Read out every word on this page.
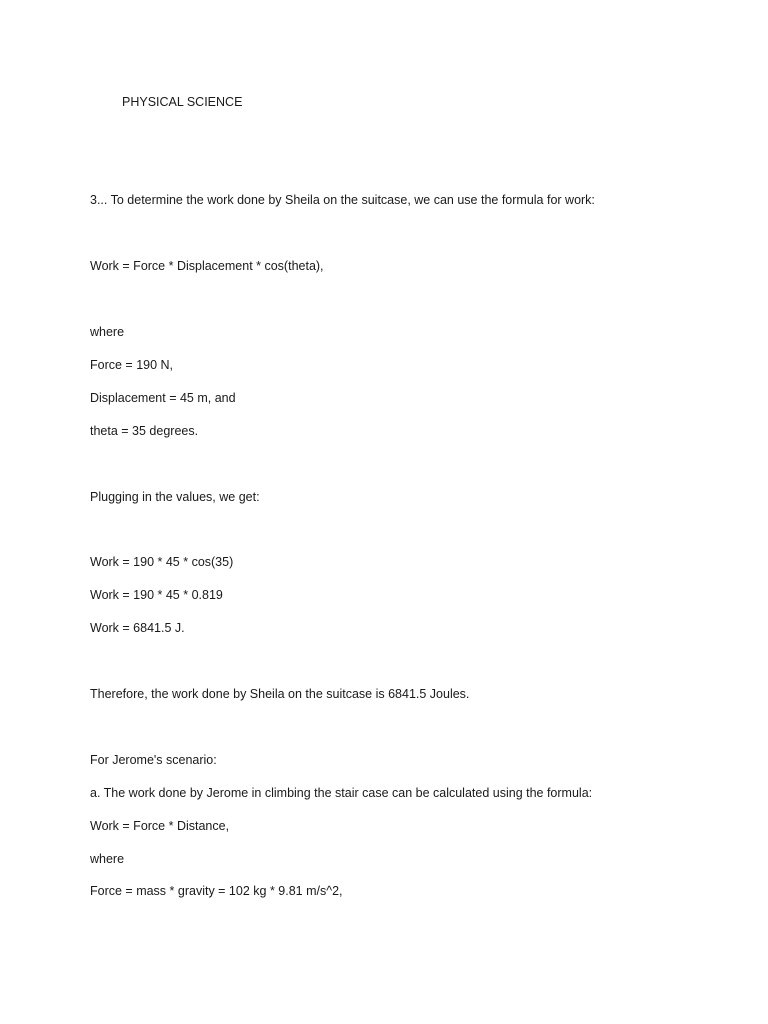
PHYSICAL SCIENCE
3... To determine the work done by Sheila on the suitcase, we can use the formula for work:
Work = Force * Displacement * cos(theta),
where
Force = 190 N,
Displacement = 45 m, and
theta = 35 degrees.
Plugging in the values, we get:
Work = 190 * 45 * cos(35)
Work = 190 * 45 * 0.819
Work = 6841.5 J.
Therefore, the work done by Sheila on the suitcase is 6841.5 Joules.
For Jerome's scenario:
a. The work done by Jerome in climbing the stair case can be calculated using the formula:
Work = Force * Distance,
where
Force = mass * gravity = 102 kg * 9.81 m/s^2,
